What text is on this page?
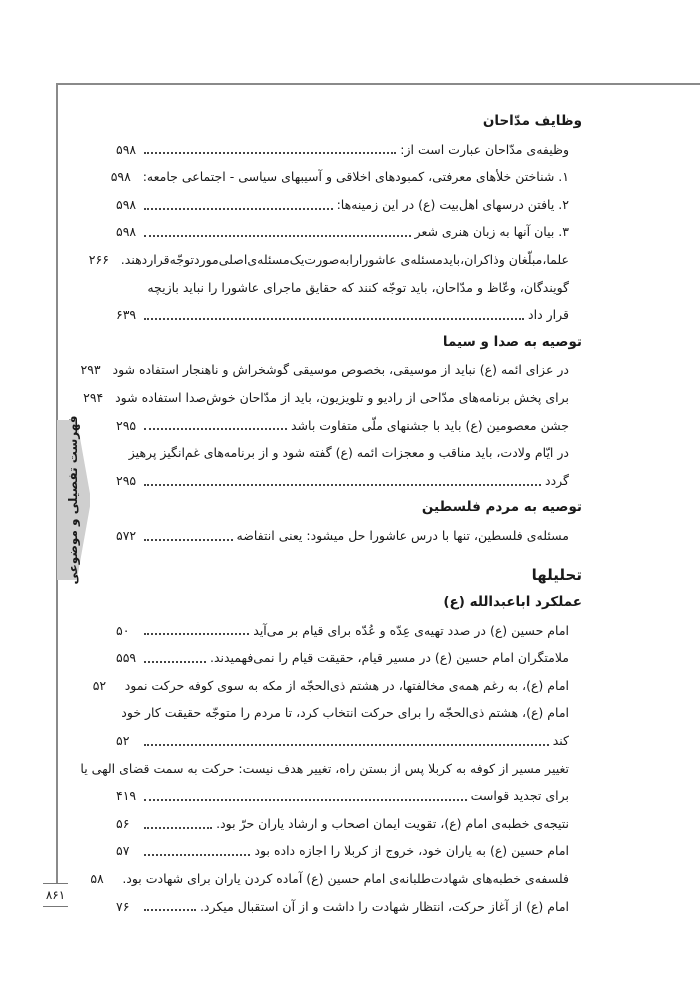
فهرست تفصیلی و موضوعی
۸۶۱
وظایف مدّاحان
وظیفه‌ی مدّاحان عبارت است از:
۵۹۸
۱. شناختن خلأهای معرفتی، کمبودهای اخلاقی و آسیبهای سیاسی - اجتماعی جامعه:
۵۹۸
۲. یافتن درسهای اهل‌بیت (ع) در این زمینه‌ها:
۵۹۸
۳. بیان آنها به زبان هنری شعر
۵۹۸
علما،مبلّغان وذاکران،بایدمسئله‌ی عاشورارابه‌صورت‌یک‌مسئله‌ی‌اصلی‌مورد‌توجّه‌قرار‌دهند.
۲۶۶
گویندگان، وعّاظ و مدّاحان، باید توجّه کنند که حقایق ماجرای عاشورا را نباید بازیچه
قرار داد
۶۳۹
توصیه به صدا و سیما
در عزای ائمه (ع) نباید از موسیقی، بخصوص موسیقی گوشخراش و ناهنجار استفاده شود
۲۹۳
برای پخش برنامه‌های مدّاحی از رادیو و تلویزیون، باید از مدّاحان خوش‌صدا استفاده شود
۲۹۴
جشن معصومین (ع) باید با جشنهای ملّی متفاوت باشد
۲۹۵
در ایّام ولادت، باید مناقب و معجزات ائمه (ع) گفته شود و از برنامه‌های غم‌انگیز پرهیز
گردد
۲۹۵
توصیه به مردم فلسطین
مسئله‌ی فلسطین، تنها با درس عاشورا حل میشود: یعنی انتفاضه
۵۷۲
تحلیلها
عملکرد اباعبدالله (ع)
امام حسین (ع) در صدد تهیه‌ی عِدّه و عُدّه برای قیام بر می‌آید
۵۰
ملامتگران امام حسین (ع) در مسیر قیام، حقیقت قیام را نمی‌فهمیدند.
۵۵۹
امام (ع)، به رغم همه‌ی مخالفتها، در هشتم ذی‌الحجّه از مکه به سوی کوفه حرکت نمود
۵۲
امام (ع)، هشتم ذی‌الحجّه را برای حرکت انتخاب کرد، تا مردم را متوجّه حقیقت کار خود
کند
۵۲
تغییر مسیر از کوفه به کربلا پس از بستن راه، تغییر هدف نیست: حرکت به سمت قضای الهی یا
برای تجدید قواست
۴۱۹
نتیجه‌ی خطبه‌ی امام (ع)، تقویت ایمان اصحاب و ارشاد یاران حرّ بود.
۵۶
امام حسین (ع) به یاران خود، خروج از کربلا را اجازه داده بود
۵۷
فلسفه‌ی خطبه‌های شهادت‌طلبانه‌ی امام حسین (ع) آماده کردن یاران برای شهادت بود.
۵۸
امام (ع) از آغاز حرکت، انتظار شهادت را داشت و از آن استقبال میکرد.
۷۶
